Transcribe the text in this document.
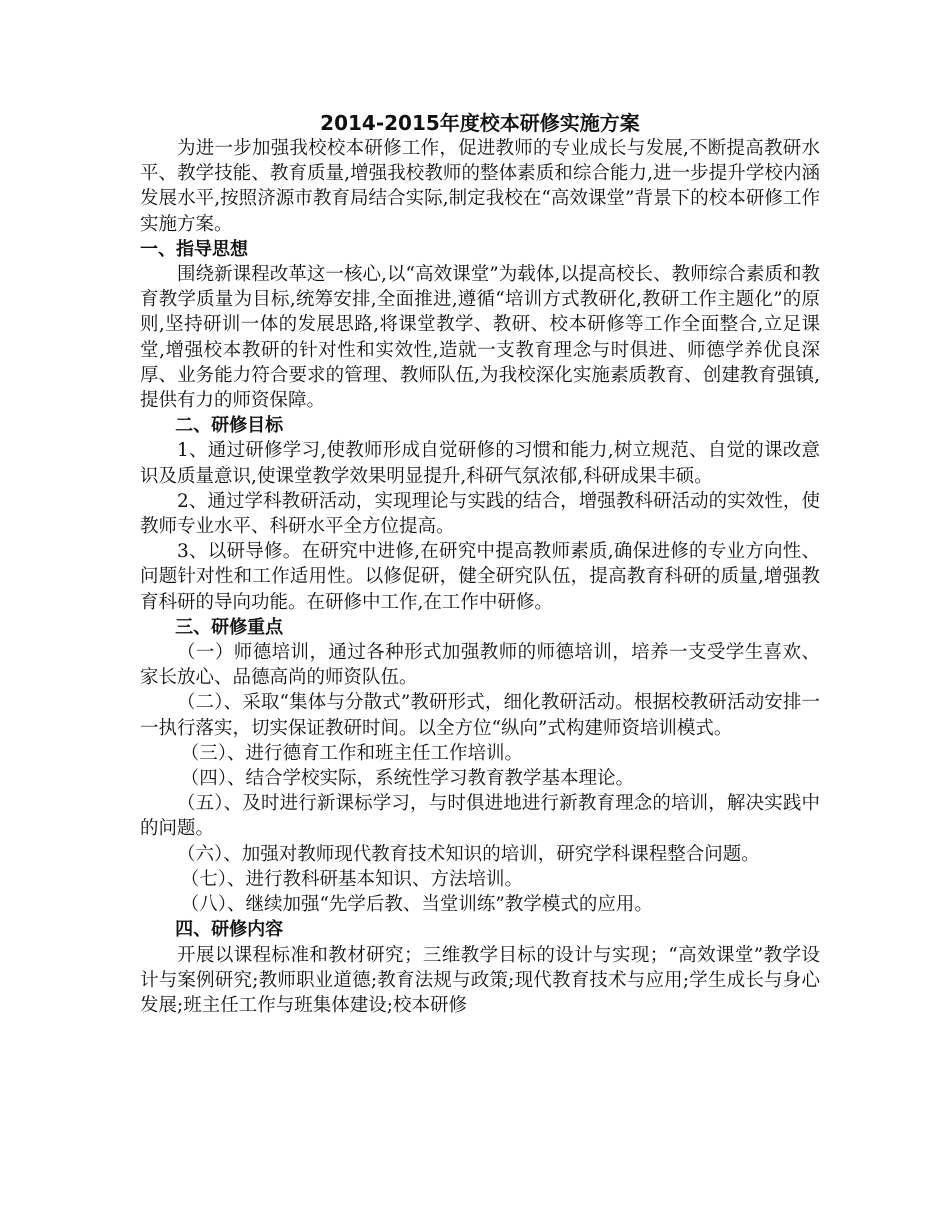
2014-2015年度校本研修实施方案

为进一步加强我校校本研修工作，促进教师的专业成长与发展,不断提高教研水平、教学技能、教育质量,增强我校教师的整体素质和综合能力,进一步提升学校内涵发展水平,按照济源市教育局结合实际,制定我校在“高效课堂”背景下的校本研修工作实施方案。

一、指导思想

围绕新课程改革这一核心,以“高效课堂”为载体,以提高校长、教师综合素质和教育教学质量为目标,统筹安排,全面推进,遵循“培训方式教研化,教研工作主题化”的原则,坚持研训一体的发展思路,将课堂教学、教研、校本研修等工作全面整合,立足课堂,增强校本教研的针对性和实效性,造就一支教育理念与时俱进、师德学养优良深厚、业务能力符合要求的管理、教师队伍,为我校深化实施素质教育、创建教育强镇,提供有力的师资保障。

二、研修目标

1、通过研修学习,使教师形成自觉研修的习惯和能力,树立规范、自觉的课改意识及质量意识,使课堂教学效果明显提升,科研气氛浓郁,科研成果丰硕。

2、通过学科教研活动，实现理论与实践的结合，增强教科研活动的实效性，使教师专业水平、科研水平全方位提高。

3、以研导修。在研究中进修,在研究中提高教师素质,确保进修的专业方向性、问题针对性和工作适用性。以修促研，健全研究队伍，提高教育科研的质量,增强教育科研的导向功能。在研修中工作,在工作中研修。

三、研修重点

（一）师德培训，通过各种形式加强教师的师德培训，培养一支受学生喜欢、家长放心、品德高尚的师资队伍。

（二）、采取“集体与分散式”教研形式，细化教研活动。根据校教研活动安排一一执行落实，切实保证教研时间。以全方位“纵向”式构建师资培训模式。

（三）、进行德育工作和班主任工作培训。

（四）、结合学校实际，系统性学习教育教学基本理论。

（五）、及时进行新课标学习，与时俱进地进行新教育理念的培训，解决实践中的问题。

（六）、加强对教师现代教育技术知识的培训，研究学科课程整合问题。

（七）、进行教科研基本知识、方法培训。

（八）、继续加强“先学后教、当堂训练”教学模式的应用。

四、研修内容

开展以课程标准和教材研究；三维教学目标的设计与实现；“高效课堂”教学设计与案例研究;教师职业道德;教育法规与政策;现代教育技术与应用;学生成长与身心发展;班主任工作与班集体建设;校本研修
